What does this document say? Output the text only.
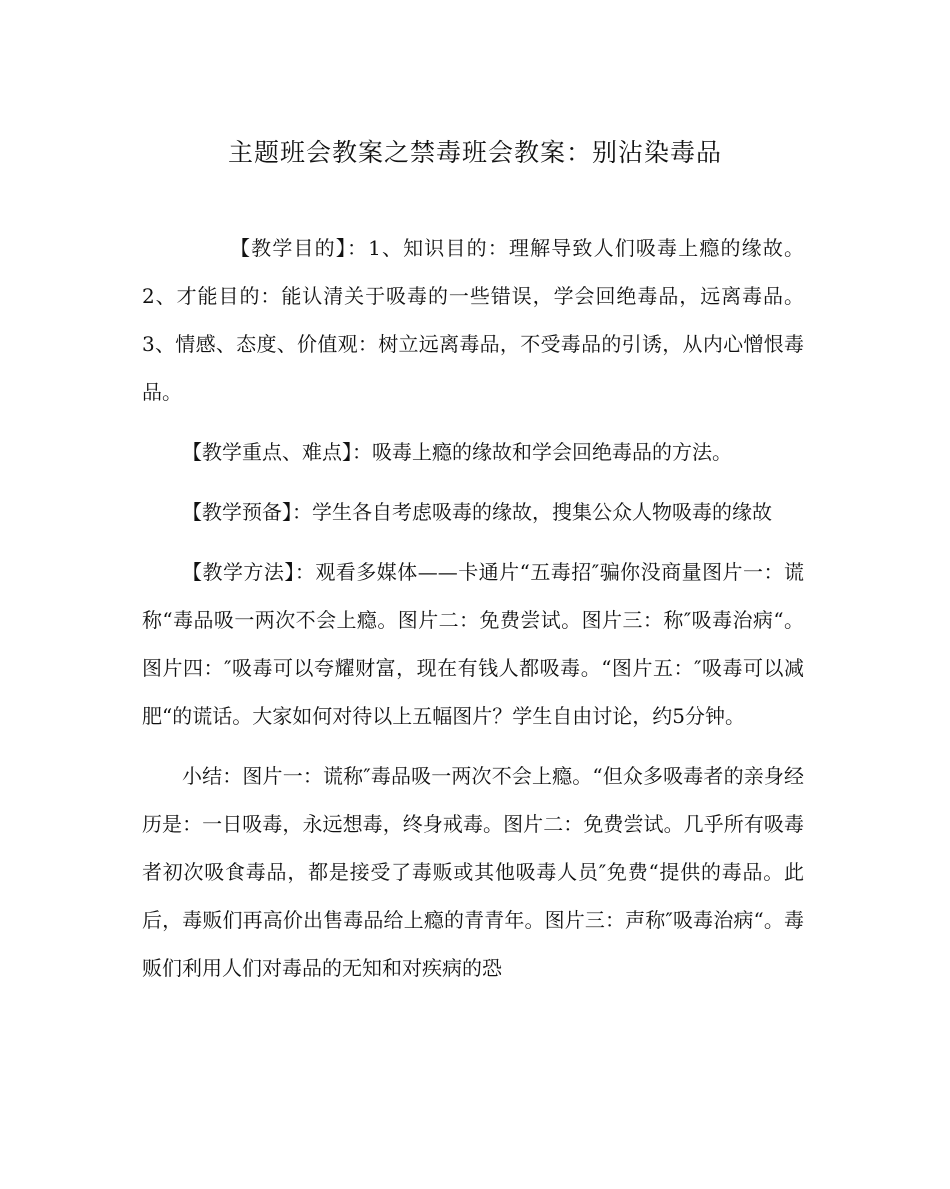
主题班会教案之禁毒班会教案：别沾染毒品

【教学目的】：1、知识目的：理解导致人们吸毒上瘾的缘故。2、才能目的：能认清关于吸毒的一些错误，学会回绝毒品，远离毒品。3、情感、态度、价值观：树立远离毒品，不受毒品的引诱，从内心憎恨毒品。

【教学重点、难点】：吸毒上瘾的缘故和学会回绝毒品的方法。

【教学预备】：学生各自考虑吸毒的缘故，搜集公众人物吸毒的缘故

【教学方法】：观看多媒体——卡通片“五毒招″骗你没商量图片一：谎称“毒品吸一两次不会上瘾。图片二：免费尝试。图片三：称″吸毒治病“。图片四：″吸毒可以夸耀财富，现在有钱人都吸毒。“图片五：″吸毒可以减肥“的谎话。大家如何对待以上五幅图片？学生自由讨论，约5分钟。

小结：图片一：谎称″毒品吸一两次不会上瘾。“但众多吸毒者的亲身经历是：一日吸毒，永远想毒，终身戒毒。图片二：免费尝试。几乎所有吸毒者初次吸食毒品，都是接受了毒贩或其他吸毒人员″免费“提供的毒品。此后，毒贩们再高价出售毒品给上瘾的青青年。图片三：声称″吸毒治病“。毒贩们利用人们对毒品的无知和对疾病的恐
